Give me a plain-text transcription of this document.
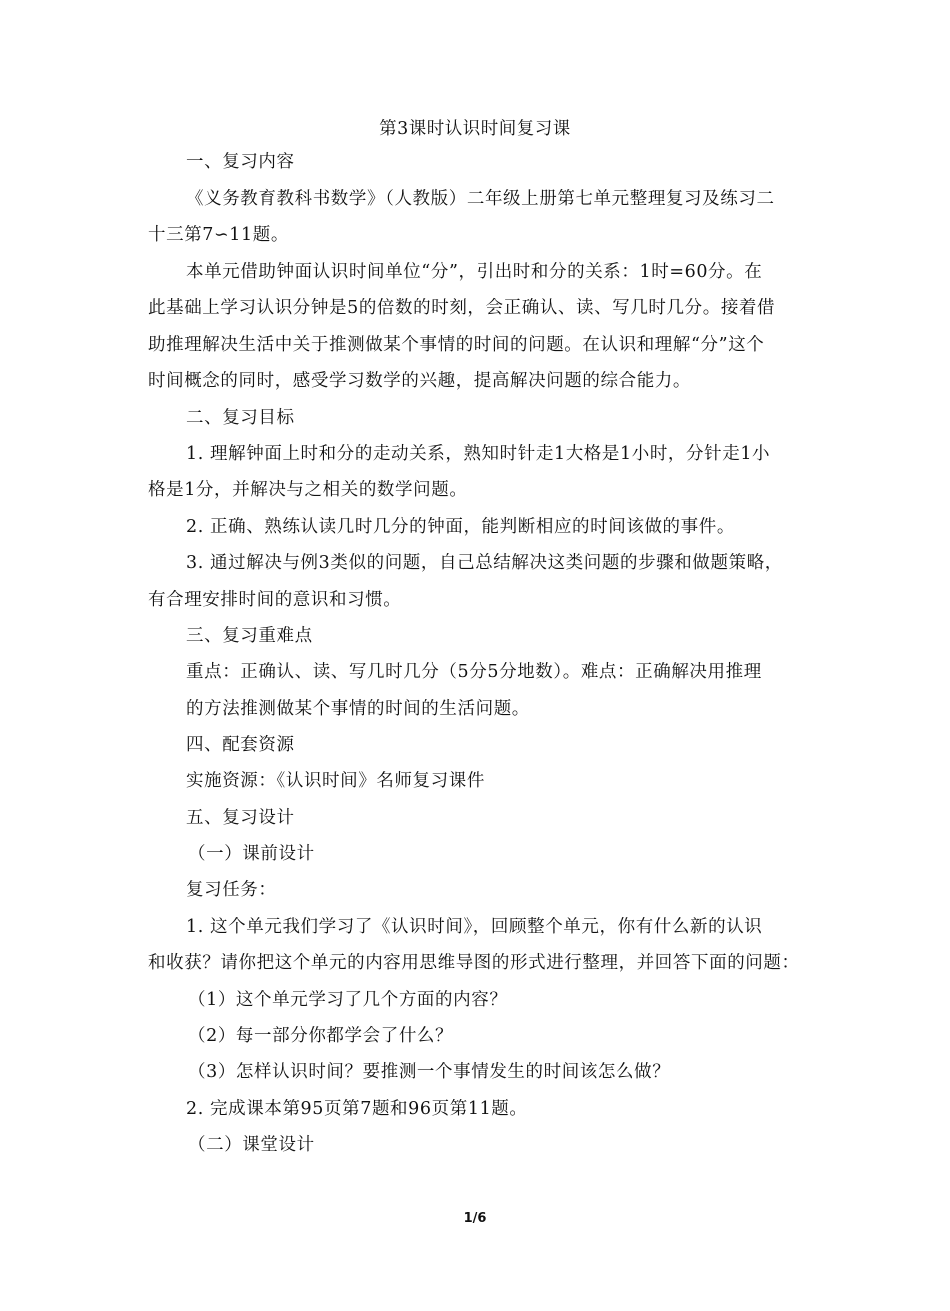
第3课时认识时间复习课
一、复习内容
《义务教育教科书数学》（人教版）二年级上册第七单元整理复习及练习二
十三第7∽11题。
本单元借助钟面认识时间单位“分”，引出时和分的关系：1时=60分。在
此基础上学习认识分钟是5的倍数的时刻，会正确认、读、写几时几分。接着借
助推理解决生活中关于推测做某个事情的时间的问题。在认识和理解“分”这个
时间概念的同时，感受学习数学的兴趣，提高解决问题的综合能力。
二、复习目标
1. 理解钟面上时和分的走动关系，熟知时针走1大格是1小时，分针走1小
格是1分，并解决与之相关的数学问题。
2. 正确、熟练认读几时几分的钟面，能判断相应的时间该做的事件。
3. 通过解决与例3类似的问题，自己总结解决这类问题的步骤和做题策略，
有合理安排时间的意识和习惯。
三、复习重难点
重点：正确认、读、写几时几分（5分5分地数）。难点：正确解决用推理
的方法推测做某个事情的时间的生活问题。
四、配套资源
实施资源：《认识时间》名师复习课件
五、复习设计
（一）课前设计
复习任务：
1. 这个单元我们学习了《认识时间》，回顾整个单元，你有什么新的认识
和收获？请你把这个单元的内容用思维导图的形式进行整理，并回答下面的问题：
（1）这个单元学习了几个方面的内容？
（2）每一部分你都学会了什么？
（3）怎样认识时间？要推测一个事情发生的时间该怎么做？
2. 完成课本第95页第7题和96页第11题。
（二）课堂设计
1/6
